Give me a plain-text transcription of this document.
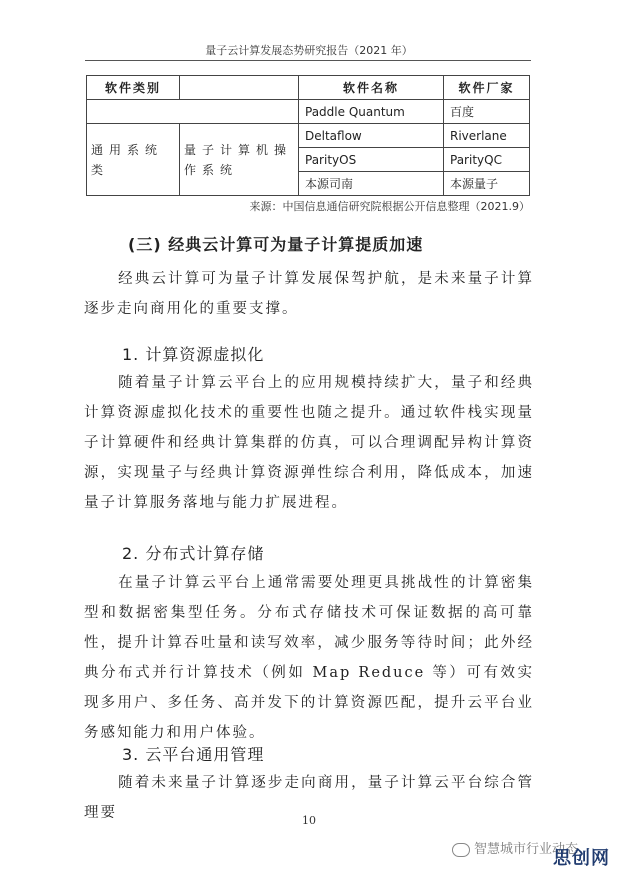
量子云计算发展态势研究报告（2021 年）
软件类别		软件名称	软件厂家
		Paddle Quantum	百度
通用系统类	量子计算机操作系统	Deltaflow	Riverlane
		ParityOS	ParityQC
		本源司南	本源量子
来源：中国信息通信研究院根据公开信息整理（2021.9）
(三) 经典云计算可为量子计算提质加速
经典云计算可为量子计算发展保驾护航，是未来量子计算逐步走向商用化的重要支撑。
1. 计算资源虚拟化
随着量子计算云平台上的应用规模持续扩大，量子和经典计算资源虚拟化技术的重要性也随之提升。通过软件栈实现量子计算硬件和经典计算集群的仿真，可以合理调配异构计算资源，实现量子与经典计算资源弹性综合利用，降低成本，加速量子计算服务落地与能力扩展进程。
2. 分布式计算存储
在量子计算云平台上通常需要处理更具挑战性的计算密集型和数据密集型任务。分布式存储技术可保证数据的高可靠性，提升计算吞吐量和读写效率，减少服务等待时间；此外经典分布式并行计算技术（例如 Map Reduce 等）可有效实现多用户、多任务、高并发下的计算资源匹配，提升云平台业务感知能力和用户体验。
3. 云平台通用管理
随着未来量子计算逐步走向商用，量子计算云平台综合管理要	10
智慧城市行业动态
思创网
